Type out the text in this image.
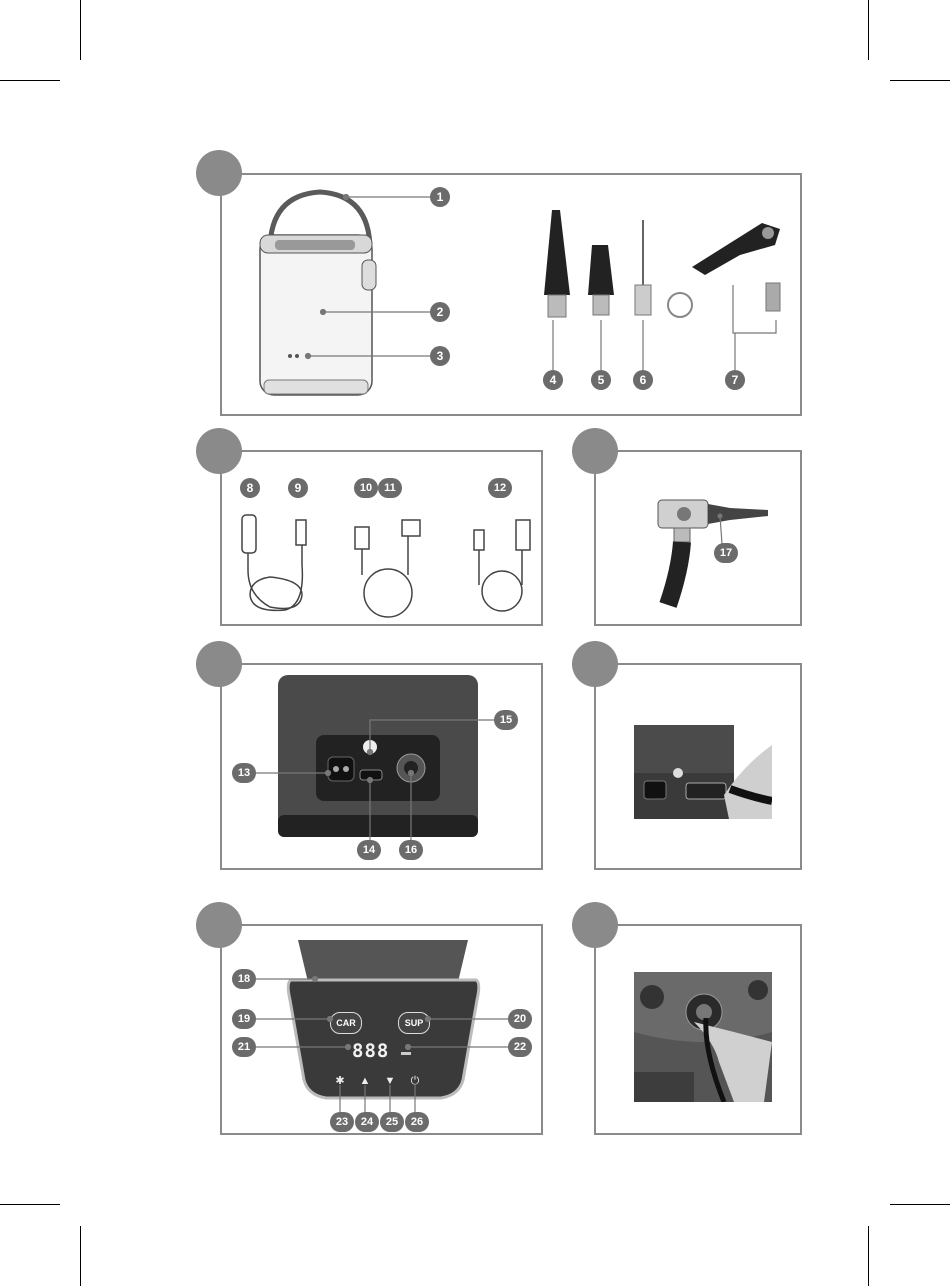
1
2
3
4	5	6	7
8	9	10	11	12
17
13
14
15
16
CAR	SUP
888
✱ ▲ ▼ ⏻
18
19	20
21	22
23	24	25	26
